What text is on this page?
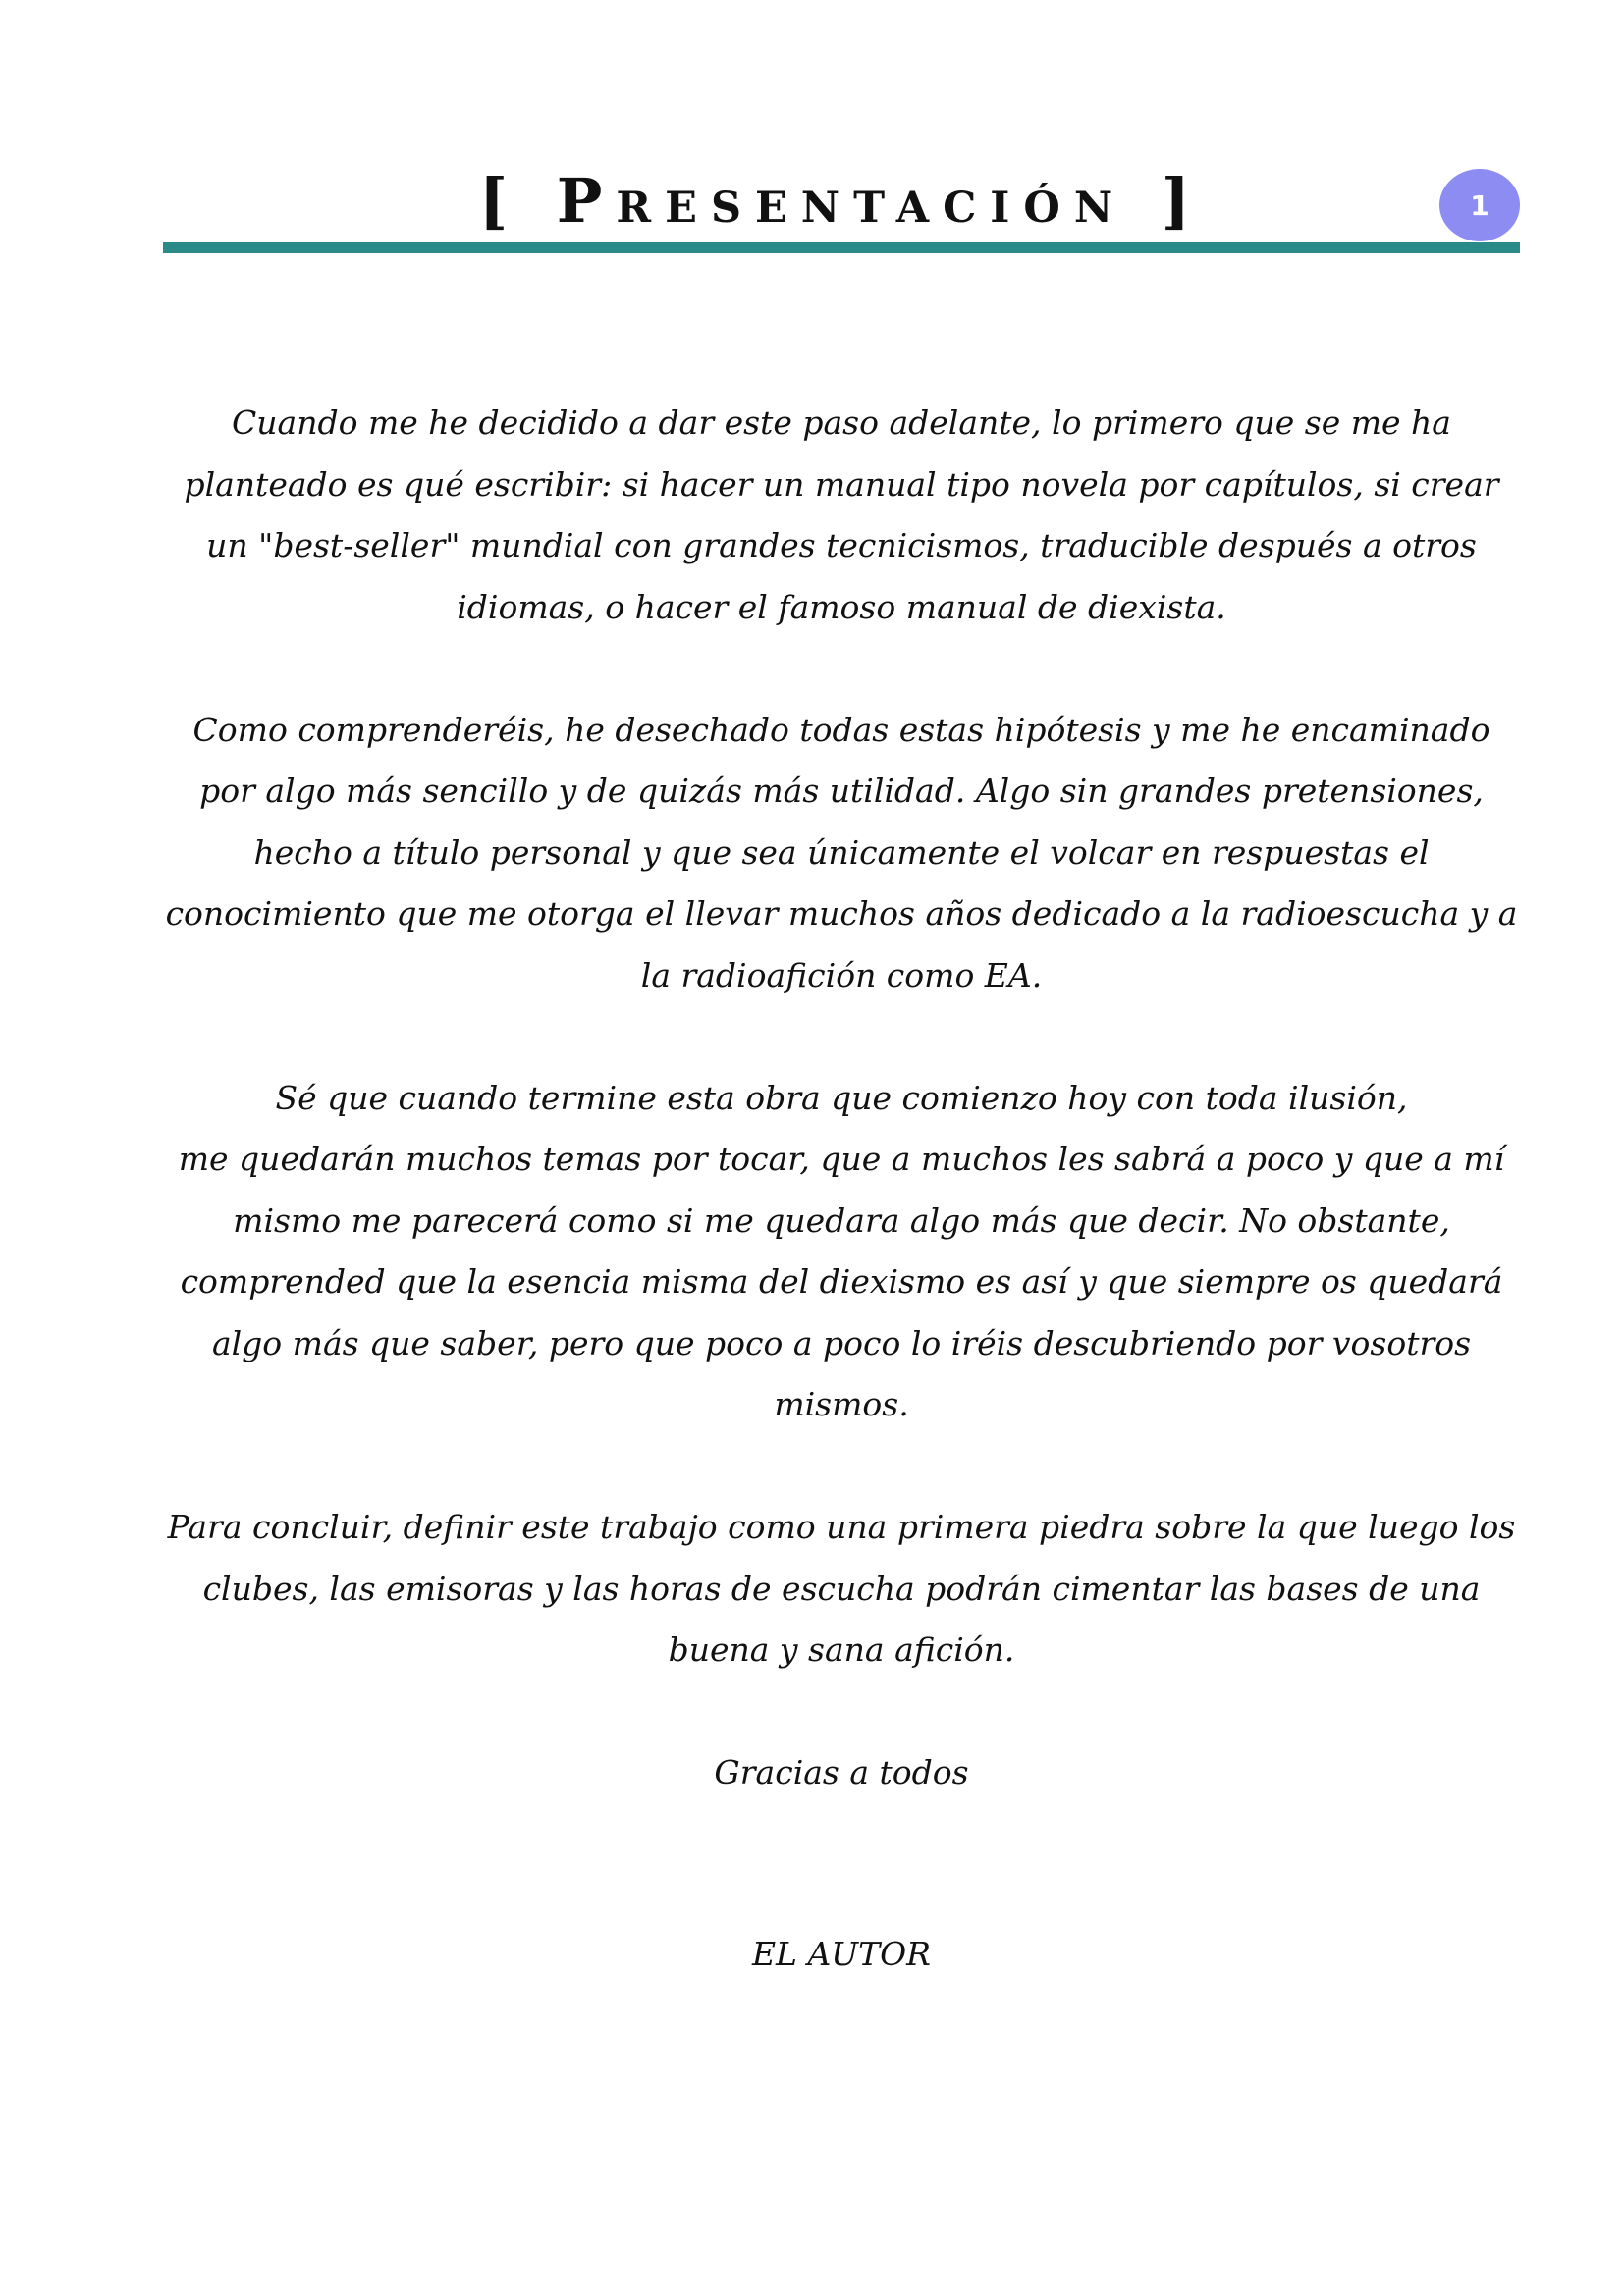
[ Presentación ]	1

Cuando me he decidido a dar este paso adelante, lo primero que se me ha planteado es qué escribir: si hacer un manual tipo novela por capítulos, si crear un "best-seller" mundial con grandes tecnicismos, traducible después a otros idiomas, o hacer el famoso manual de diexista.

Como comprenderéis, he desechado todas estas hipótesis y me he encaminado por algo más sencillo y de quizás más utilidad. Algo sin grandes pretensiones, hecho a título personal y que sea únicamente el volcar en respuestas el conocimiento que me otorga el llevar muchos años dedicado a la radioescucha y a la radioafición como EA.

Sé que cuando termine esta obra que comienzo hoy con toda ilusión,

me quedarán muchos temas por tocar, que a muchos les sabrá a poco y que a mí mismo me parecerá como si me quedara algo más que decir. No obstante, comprended que la esencia misma del diexismo es así y que siempre os quedará algo más que saber, pero que poco a poco lo iréis descubriendo por vosotros mismos.

Para concluir, definir este trabajo como una primera piedra sobre la que luego los clubes, las emisoras y las horas de escucha podrán cimentar las bases de una buena y sana afición.

Gracias a todos

EL AUTOR
